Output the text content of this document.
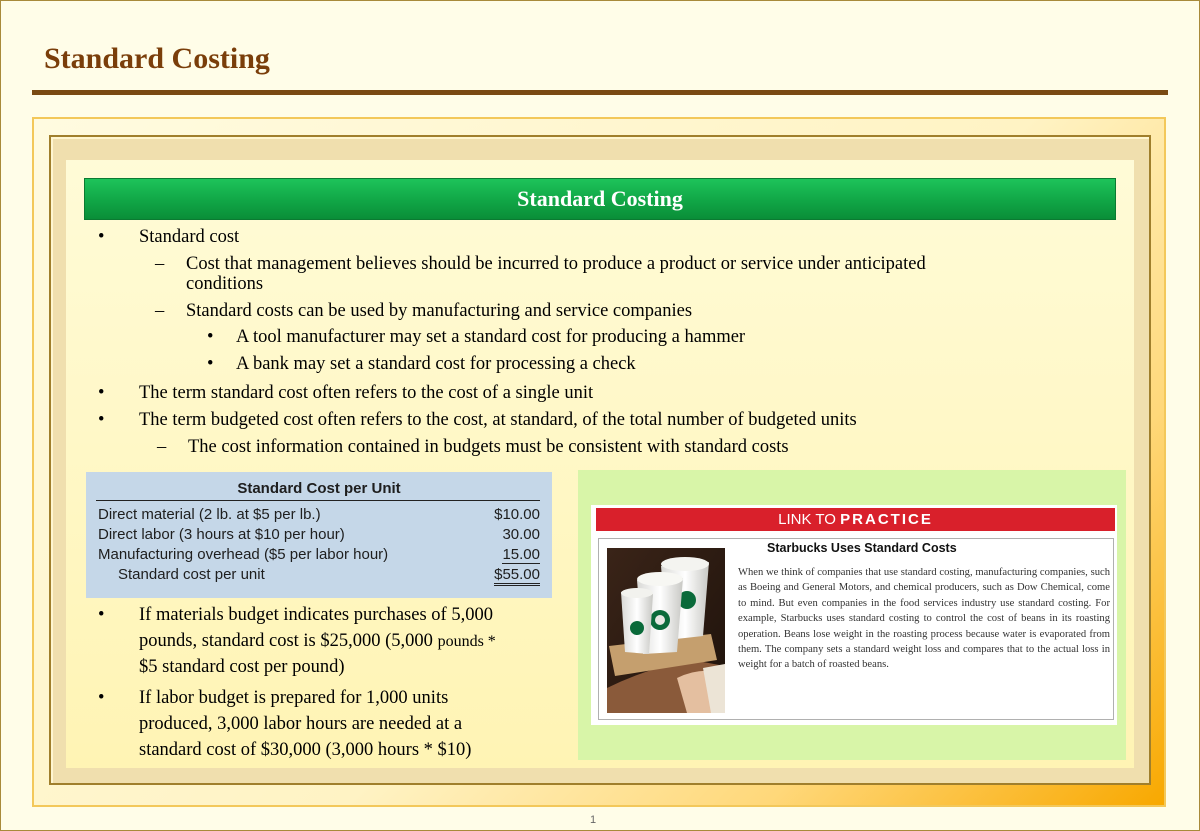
Standard Costing
Standard Costing
• Standard cost
– Cost that management believes should be incurred to produce a product or service under anticipated
conditions
– Standard costs can be used by manufacturing and service companies
• A tool manufacturer may set a standard cost for producing a hammer
• A bank may set a standard cost for processing a check
• The term standard cost often refers to the cost of a single unit
• The term budgeted cost often refers to the cost, at standard, of the total number of budgeted units
– The cost information contained in budgets must be consistent with standard costs
• If materials budget indicates purchases of 5,000
pounds, standard cost is $25,000 (5,000 pounds *
$5 standard cost per pound)
• If labor budget is prepared for 1,000 units
produced, 3,000 labor hours are needed at a
standard cost of $30,000 (3,000 hours * $10)
Standard Cost per Unit
Direct material (2 lb. at $5 per lb.)	$10.00
Direct labor (3 hours at $10 per hour)	30.00
Manufacturing overhead ($5 per labor hour)	15.00
Standard cost per unit	$55.00
LINK TO PRACTICE
Starbucks Uses Standard Costs
When we think of companies that use standard costing, manufacturing companies, such as Boeing and General Motors, and chemical producers, such as Dow Chemical, come to mind. But even companies in the food services industry use standard costing. For example, Starbucks uses standard costing to control the cost of beans in its roasting operation. Beans lose weight in the roasting process because water is evaporated from them. The company sets a standard weight loss and compares that to the actual loss in weight for a batch of roasted beans.
1
